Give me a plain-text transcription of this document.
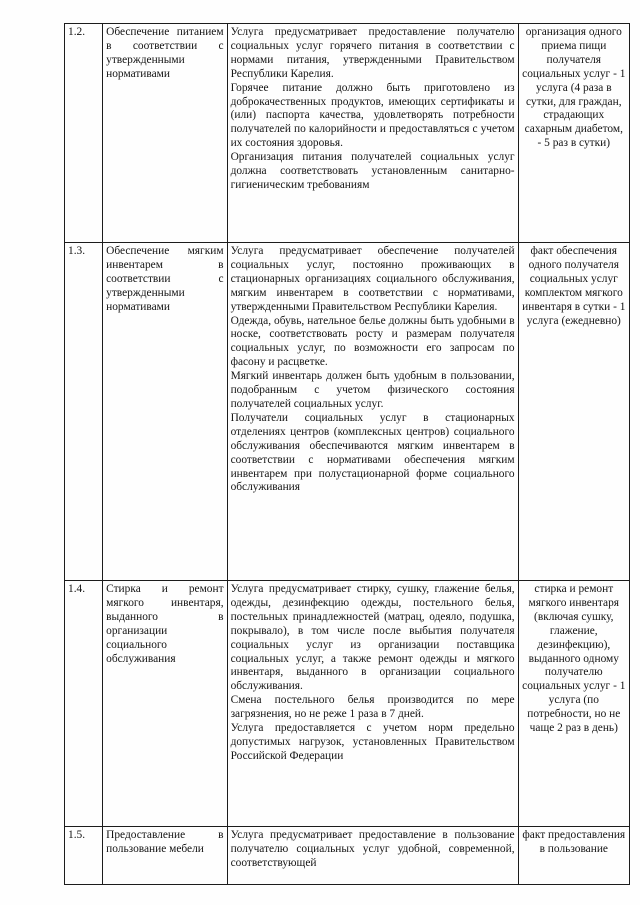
1.2.	Обеспечение питанием в соответствии с утвержденными нормативами	Услуга предусматривает предоставление получателю социальных услуг горячего питания в соответствии с нормами питания, утвержденными Правительством Республики Карелия.
Горячее питание должно быть приготовлено из доброкачественных продуктов, имеющих сертификаты и (или) паспорта качества, удовлетворять потребности получателей по калорийности и предоставляться с учетом их состояния здоровья.
Организация питания получателей социальных услуг должна соответствовать установленным санитарно-гигиеническим требованиям	организация одного приема пищи получателя социальных услуг - 1 услуга (4 раза в сутки, для граждан, страдающих сахарным диабетом, - 5 раз в сутки)
1.3.	Обеспечение мягким инвентарем в соответствии с утвержденными нормативами	Услуга предусматривает обеспечение получателей социальных услуг, постоянно проживающих в стационарных организациях социального обслуживания, мягким инвентарем в соответствии с нормативами, утвержденными Правительством Республики Карелия.
Одежда, обувь, нательное белье должны быть удобными в носке, соответствовать росту и размерам получателя социальных услуг, по возможности его запросам по фасону и расцветке.
Мягкий инвентарь должен быть удобным в пользовании, подобранным с учетом физического состояния получателей социальных услуг.
Получатели социальных услуг в стационарных отделениях центров (комплексных центров) социального обслуживания обеспечиваются мягким инвентарем в соответствии с нормативами обеспечения мягким инвентарем при полустационарной форме социального обслуживания	факт обеспечения одного получателя социальных услуг комплектом мягкого инвентаря в сутки - 1 услуга (ежедневно)
1.4.	Стирка и ремонт мягкого инвентаря, выданного в организации социального обслуживания	Услуга предусматривает стирку, сушку, глажение белья, одежды, дезинфекцию одежды, постельного белья, постельных принадлежностей (матрац, одеяло, подушка, покрывало), в том числе после выбытия получателя социальных услуг из организации поставщика социальных услуг, а также ремонт одежды и мягкого инвентаря, выданного в организации социального обслуживания.
Смена постельного белья производится по мере загрязнения, но не реже 1 раза в 7 дней.
Услуга предоставляется с учетом норм предельно допустимых нагрузок, установленных Правительством Российской Федерации	стирка и ремонт мягкого инвентаря (включая сушку, глажение, дезинфекцию), выданного одному получателю социальных услуг - 1 услуга (по потребности, но не чаще 2 раз в день)
1.5.	Предоставление в пользование мебели	Услуга предусматривает предоставление в пользование получателю социальных услуг удобной, современной, соответствующей	факт предоставления в пользование
